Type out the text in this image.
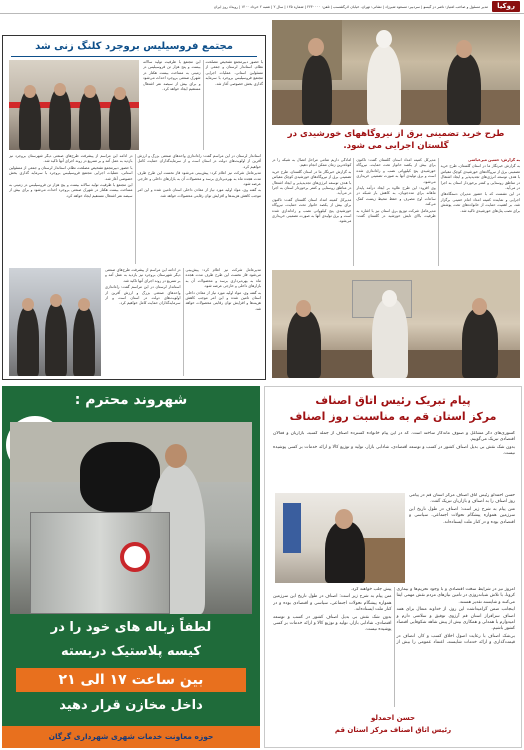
روکیا
مدیر مسئول و صاحب امتیاز: ناصر دز گیسو | سردبیر: مسعود شیرزاد | نشانی: تهران، خیابان آذرگشسب | تلفن: ۲۲۴۰۰۰۰ | شماره ۱۲۵ | سال ۲ | شنبه ۲ خرداد ۱۴۰۰ | رویداد روز ایران
طرح خرید تضمینی برق از نیروگاههای خورشیدی در گلستان اجرایی می شود.

به گزارش: حسین میرعباسی

به گزارش خبرنگار ما در استان گلستان، طرح خرید تضمینی برق از نیروگاه‌های خورشیدی کوچک مقیاس با هدف توسعه انرژی‌های تجدیدپذیر و ایجاد اشتغال در مناطق روستایی و کمتر برخوردار استان به اجرا در می‌آید.

در این نشست که با حضور مدیران دستگاه‌های اجرایی و نماینده کمیته امداد امام خمینی برگزار شد، بر اهمیت حمایت از خانواده‌های تحت پوشش برای نصب پنل‌های خورشیدی تاکید شد.

مدیرکل کمیته امداد استان گلستان گفت: تاکنون برای بیش از یکصد خانوار تحت حمایت، نیروگاه خورشیدی پنج کیلوواتی نصب و راه‌اندازی شده است و برق تولیدی آنها به صورت تضمینی خریداری می‌شود.

وی افزود: این طرح علاوه بر ایجاد درآمد پایدار ماهانه برای مددجویان، به کاهش بار شبکه در ساعات اوج مصرف و حفظ محیط زیست کمک می‌کند.

مدیرعامل شرکت توزیع برق استان نیز با اشاره به ظرفیت بالای تابش خورشید در گلستان گفت: آمادگی داریم تمامی مراحل اتصال به شبکه را در کوتاه‌ترین زمان ممکن انجام دهیم.

به گزارش خبرنگار ما در استان گلستان، طرح خرید تضمینی برق از نیروگاه‌های خورشیدی کوچک مقیاس با هدف توسعه انرژی‌های تجدیدپذیر و ایجاد اشتغال در مناطق روستایی و کمتر برخوردار استان به اجرا در می‌آید.

مدیرکل کمیته امداد استان گلستان گفت: تاکنون برای بیش از یکصد خانوار تحت حمایت، نیروگاه خورشیدی پنج کیلوواتی نصب و راه‌اندازی شده است و برق تولیدی آنها به صورت تضمینی خریداری می‌شود.

مجتمع فروسیلیس بروجرد کلنگ زنی شد

با حضور دبیرمجمع تشخیص مصلحت نظام، استاندار لرستان و جمعی از مسئولین استانی، عملیات اجرایی مجتمع فروسیلیس بروجرد با سرمایه گذاری بخش خصوصی آغاز شد.

این مجتمع با ظرفیت تولید سالانه بیست و پنج هزار تن فروسیلیس در زمینی به مساحت بیست هکتار در شهرک صنعتی بروجرد احداث می‌شود و برای بیش از سیصد نفر اشتغال مستقیم ایجاد خواهد کرد.

استاندار لرستان در این مراسم گفت: راه‌اندازی واحدهای صنعتی بزرگ و ارزش آفرین از اولویت‌های دولت در استان است و از سرمایه‌گذاران حمایت کامل خواهیم کرد.

مدیرعامل شرکت نیز اعلام کرد: پیش‌بینی می‌شود فاز نخست این طرح ظرف مدت هجده ماه به بهره‌برداری برسد و محصولات آن به بازارهای داخلی و خارجی عرضه شود.

به گفته وی، مواد اولیه مورد نیاز از معادن داخلی استان تامین شده و این امر موجب کاهش هزینه‌ها و افزایش توان رقابتی محصولات خواهد شد.

در ادامه این مراسم از پیشرفت طرح‌های صنعتی دیگر شهرستان بروجرد نیز بازدید به عمل آمد و بر تسریع در روند اجرای آنها تاکید شد.

با حضور دبیرمجمع تشخیص مصلحت نظام، استاندار لرستان و جمعی از مسئولین استانی، عملیات اجرایی مجتمع فروسیلیس بروجرد با سرمایه گذاری بخش خصوصی آغاز شد.

این مجتمع با ظرفیت تولید سالانه بیست و پنج هزار تن فروسیلیس در زمینی به مساحت بیست هکتار در شهرک صنعتی بروجرد احداث می‌شود و برای بیش از سیصد نفر اشتغال مستقیم ایجاد خواهد کرد.

مدیرعامل شرکت نیز اعلام کرد: پیش‌بینی می‌شود فاز نخست این طرح ظرف مدت هجده ماه به بهره‌برداری برسد و محصولات آن به بازارهای داخلی و خارجی عرضه شود.

به گفته وی، مواد اولیه مورد نیاز از معادن داخلی استان تامین شده و این امر موجب کاهش هزینه‌ها و افزایش توان رقابتی محصولات خواهد شد.

در ادامه این مراسم از پیشرفت طرح‌های صنعتی دیگر شهرستان بروجرد نیز بازدید به عمل آمد و بر تسریع در روند اجرای آنها تاکید شد.

استاندار لرستان در این مراسم گفت: راه‌اندازی واحدهای صنعتی بزرگ و ارزش آفرین از اولویت‌های دولت در استان است و از سرمایه‌گذاران حمایت کامل خواهیم کرد.

پیام تبریک رئیس اتاق اصناف
مرکز استان قم به مناسبت روز اصناف

کسوری‌های دگر مشاغل و صنوف ماندگار ساخته است. که در این پیام خانواده گسترده اصناف از جمله کسبه، بازاریان و فعالان اقتصادی تبریک می‌گوییم.

بدون شک نقش بی بدیل اصناف کشور در کسب و توسعه اقتصادی، شادابی بازار، تولید و توزیع کالا و ارائه خدمات بر کسی پوشیده نیست.

حسن احمدلو رئیس اتاق اصناف مرکز استان قم در پیامی روز اصناف را به اصناف و بازاریان تبریک گفت.

متن پیام به شرح زیر است: اصناف در طول تاریخ این سرزمین همواره پیشگام تحولات اجتماعی، سیاسی و اقتصادی بوده و در کنار ملت ایستاده‌اند.

امروز نیز در شرایط سخت اقتصادی و با وجود تحریم‌ها و بیماری کرونا، با تلاش شبانه‌روزی در تامین نیازهای مردم نقش مهمی ایفا می‌کنند و شایسته تقدیر هستند.

اینجانب ضمن گرامیداشت این روز، از خداوند متعال برای همه اصناف سرافراز استان قم آرزوی توفیق و سلامتی دارم و امیدوارم با همدلی و همکاری بیش از پیش شاهد شکوفایی اقتصاد کشور باشیم.

بی‌شک اصناف با رعایت اصول اخلاق کسب و کار، انصاف در قیمت‌گذاری و ارائه خدمات شایسته، اعتماد عمومی را بیش از پیش جلب خواهند کرد.

متن پیام به شرح زیر است: اصناف در طول تاریخ این سرزمین همواره پیشگام تحولات اجتماعی، سیاسی و اقتصادی بوده و در کنار ملت ایستاده‌اند.

بدون شک نقش بی بدیل اصناف کشور در کسب و توسعه اقتصادی، شادابی بازار، تولید و توزیع کالا و ارائه خدمات بر کسی پوشیده نیست.

حسن احمدلو
رئیس اتاق اصناف مرکز استان قم
شهروند محترم :
لطفاً زباله های خود را در
کیسه پلاستیک دربسته
بین ساعت ۱۷ الی ۲۱
داخل مخازن قرار دهید
حوزه معاونت خدمات شهری شهرداری گرگان
